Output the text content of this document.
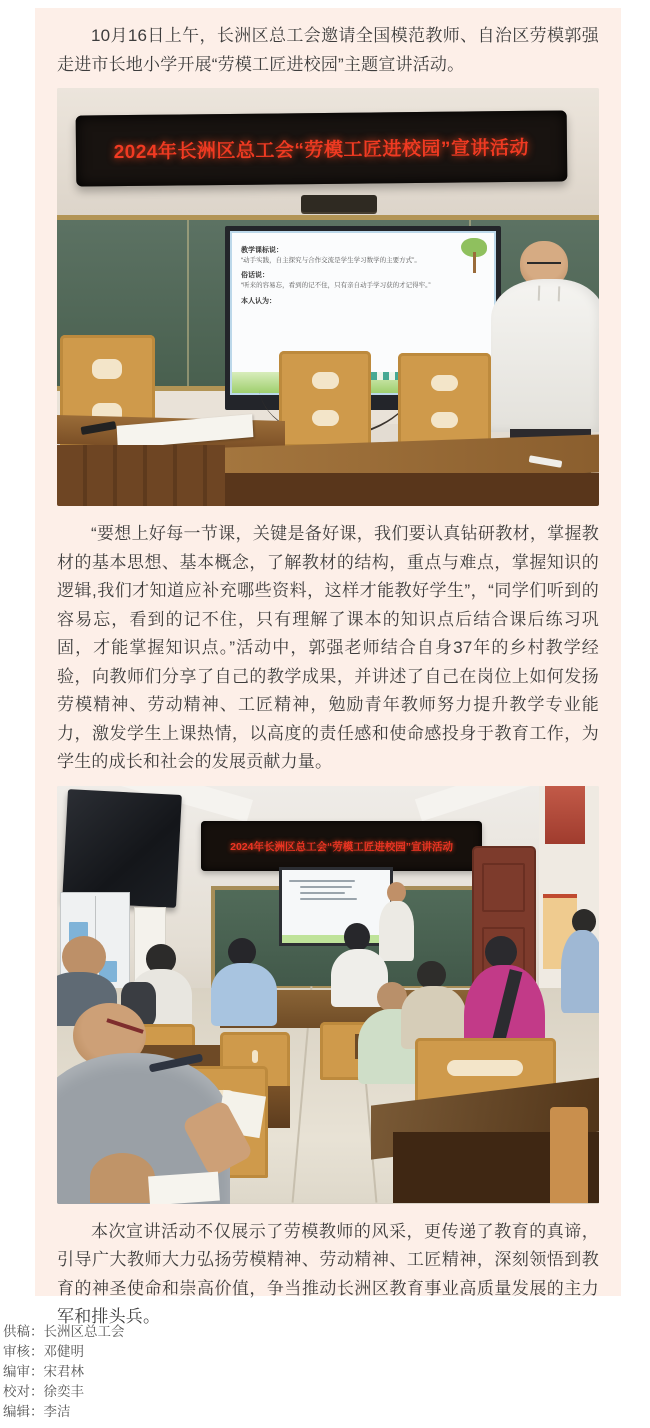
10月16日上午，长洲区总工会邀请全国模范教师、自治区劳模郭强走进市长地小学开展“劳模工匠进校园”主题宣讲活动。

2024年长洲区总工会“劳模工匠进校园”宣讲活动
教学课标说：
“动手实践，自主探究与合作交流是学生学习数学的主要方式”。
俗话说：
“听来的容易忘，看到的记不住，只有亲自动手学习获的才记得牢。”
本人认为：

“要想上好每一节课，关键是备好课，我们要认真钻研教材，掌握教材的基本思想、基本概念，了解教材的结构，重点与难点，掌握知识的逻辑,我们才知道应补充哪些资料，这样才能教好学生”，“同学们听到的容易忘，看到的记不住，只有理解了课本的知识点后结合课后练习巩固，才能掌握知识点。”活动中，郭强老师结合自身37年的乡村教学经验，向教师们分享了自己的教学成果，并讲述了自己在岗位上如何发扬劳模精神、劳动精神、工匠精神，勉励青年教师努力提升教学专业能力，激发学生上课热情，以高度的责任感和使命感投身于教育工作，为学生的成长和社会的发展贡献力量。

2024年长洲区总工会“劳模工匠进校园”宣讲活动

本次宣讲活动不仅展示了劳模教师的风采，更传递了教育的真谛，引导广大教师大力弘扬劳模精神、劳动精神、工匠精神，深刻领悟到教育的神圣使命和崇高价值，争当推动长洲区教育事业高质量发展的主力军和排头兵。

供稿：长洲区总工会
审核：邓健明
编审：宋君林
校对：徐奕丰
编辑：李洁
